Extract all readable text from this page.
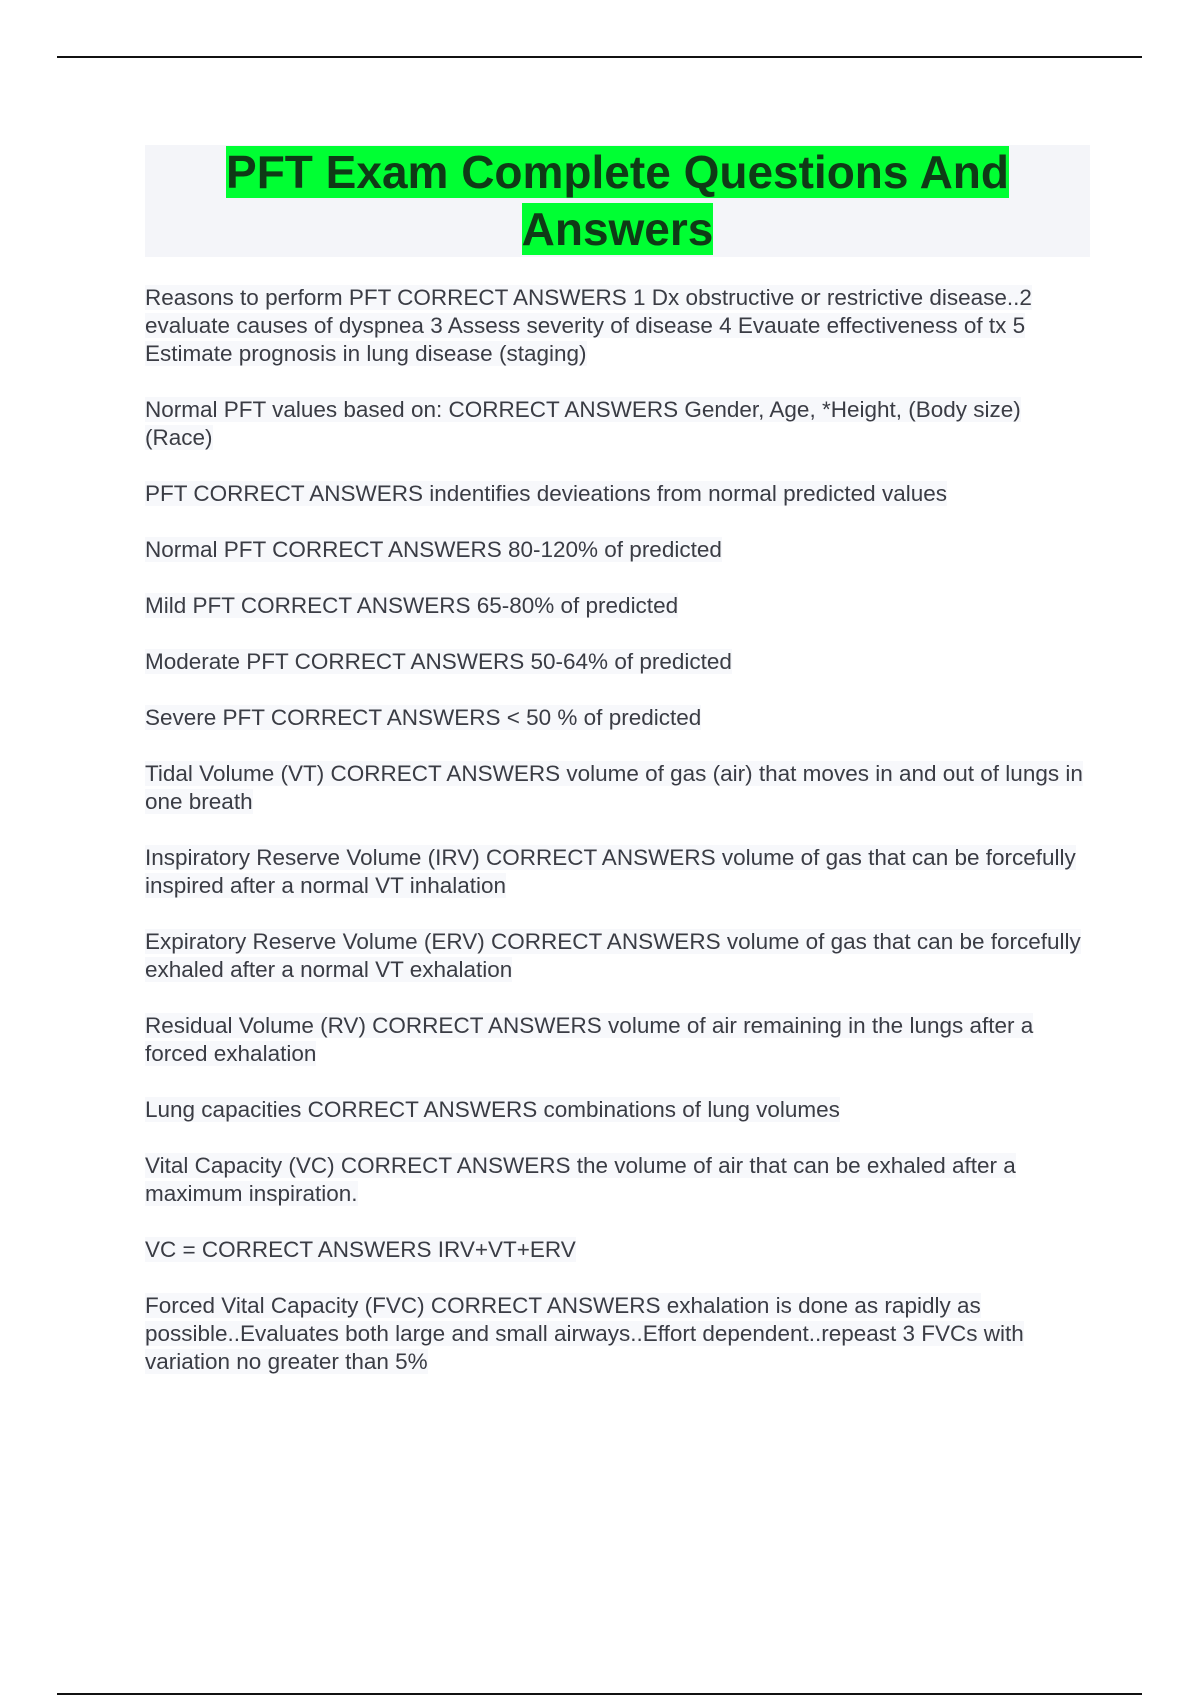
PFT Exam Complete Questions And Answers

Reasons to perform PFT CORRECT ANSWERS 1 Dx obstructive or restrictive disease..2 evaluate causes of dyspnea 3 Assess severity of disease 4 Evauate effectiveness of tx 5 Estimate prognosis in lung disease (staging)

Normal PFT values based on: CORRECT ANSWERS Gender, Age, *Height, (Body size) (Race)

PFT CORRECT ANSWERS indentifies devieations from normal predicted values

Normal PFT CORRECT ANSWERS 80-120% of predicted

Mild PFT CORRECT ANSWERS 65-80% of predicted

Moderate PFT CORRECT ANSWERS 50-64% of predicted

Severe PFT CORRECT ANSWERS < 50 % of predicted

Tidal Volume (VT) CORRECT ANSWERS volume of gas (air) that moves in and out of lungs in one breath

Inspiratory Reserve Volume (IRV) CORRECT ANSWERS volume of gas that can be forcefully inspired after a normal VT inhalation

Expiratory Reserve Volume (ERV) CORRECT ANSWERS volume of gas that can be forcefully exhaled after a normal VT exhalation

Residual Volume (RV) CORRECT ANSWERS volume of air remaining in the lungs after a forced exhalation

Lung capacities CORRECT ANSWERS combinations of lung volumes

Vital Capacity (VC) CORRECT ANSWERS the volume of air that can be exhaled after a maximum inspiration.

VC = CORRECT ANSWERS IRV+VT+ERV

Forced Vital Capacity (FVC) CORRECT ANSWERS exhalation is done as rapidly as possible..Evaluates both large and small airways..Effort dependent..repeast 3 FVCs with variation no greater than 5%
